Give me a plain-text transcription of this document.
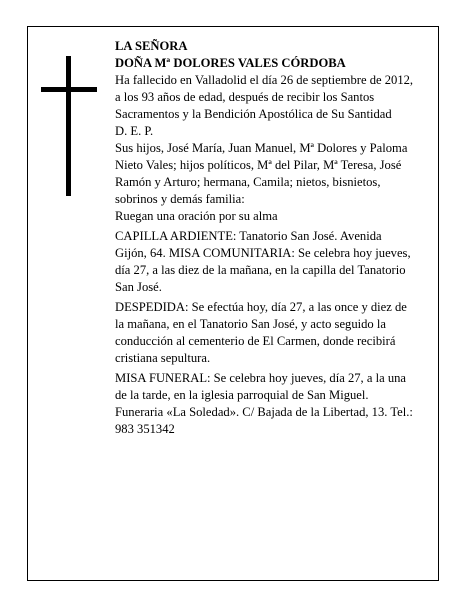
LA SEÑORA

DOÑA Mª DOLORES VALES CÓRDOBA

Ha fallecido en Valladolid el día 26 de septiembre de 2012, a los 93 años de edad, después de recibir los Santos Sacramentos y la Bendición Apostólica de Su Santidad

D. E. P.

Sus hijos, José María, Juan Manuel, Mª Dolores y Paloma Nieto Vales; hijos políticos, Mª del Pilar, Mª Teresa, José Ramón y Arturo; hermana, Camila; nietos, bisnietos, sobrinos y demás familia:

Ruegan una oración por su alma

CAPILLA ARDIENTE: Tanatorio San José. Avenida Gijón, 64. MISA COMUNITARIA: Se celebra hoy jueves, día 27, a las diez de la mañana, en la capilla del Tanatorio San José.

DESPEDIDA: Se efectúa hoy, día 27, a las once y diez de la mañana, en el Tanatorio San José, y acto seguido la conducción al cementerio de El Carmen, donde recibirá cristiana sepultura.

MISA FUNERAL: Se celebra hoy jueves, día 27, a la una de la tarde, en la iglesia parroquial de San Miguel. Funeraria «La Soledad». C/ Bajada de la Libertad, 13. Tel.: 983 351342
